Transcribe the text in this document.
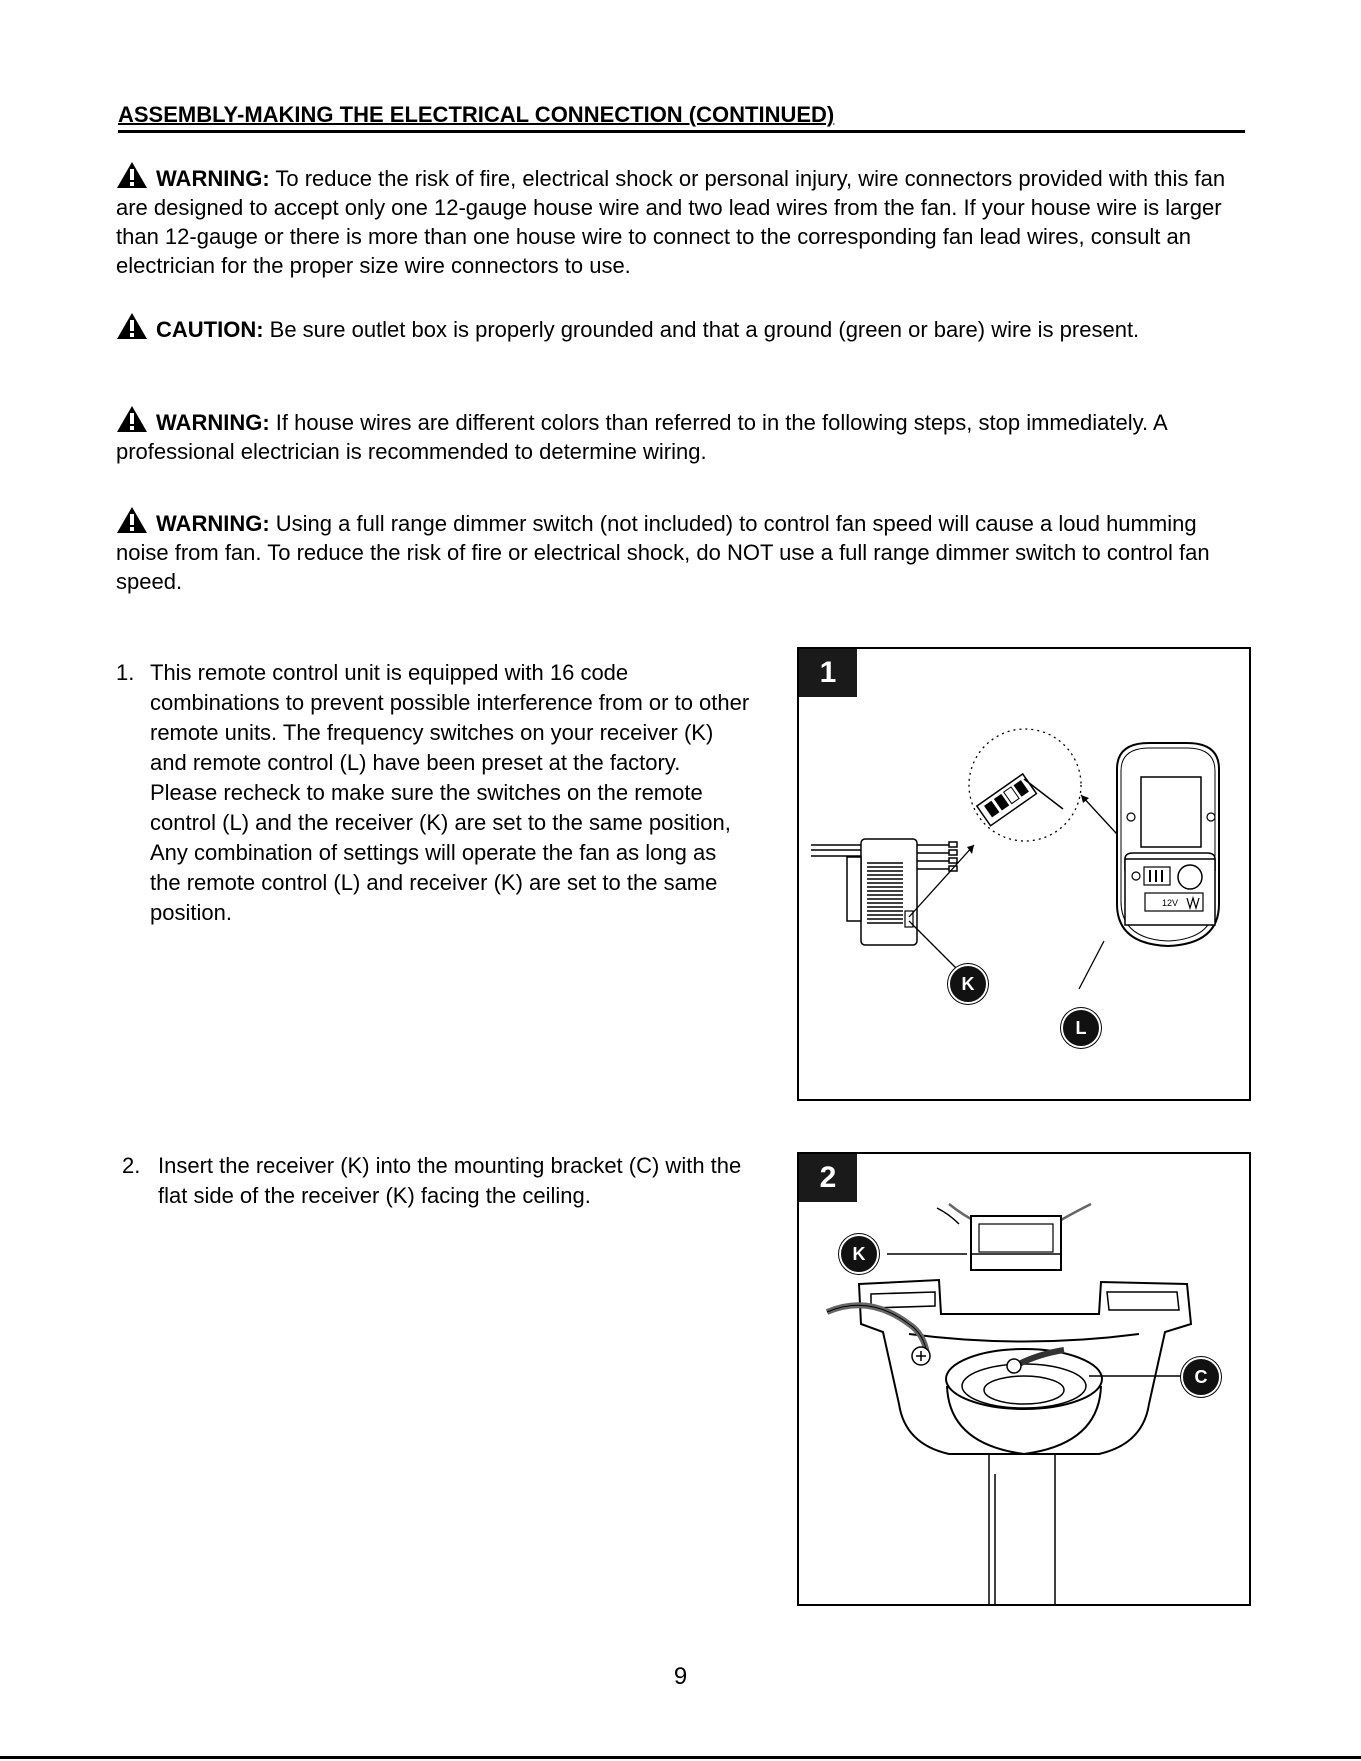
ASSEMBLY-MAKING THE ELECTRICAL CONNECTION (CONTINUED)
WARNING: To reduce the risk of fire, electrical shock or personal injury, wire connectors provided with this fan are designed to accept only one 12-gauge house wire and two lead wires from the fan. If your house wire is larger than 12-gauge or there is more than one house wire to connect to the corresponding fan lead wires, consult an electrician for the proper size wire connectors to use.
CAUTION: Be sure outlet box is properly grounded and that a ground (green or bare) wire is present.
WARNING: If house wires are different colors than referred to in the following steps, stop immediately. A professional electrician is recommended to determine wiring.
WARNING: Using a full range dimmer switch (not included) to control fan speed will cause a loud humming noise from fan. To reduce the risk of fire or electrical shock, do NOT use a full range dimmer switch to control fan speed.
1. This remote control unit is equipped with 16 code combinations to prevent possible interference from or to other remote units. The frequency switches on your receiver (K) and remote control (L) have been preset at the factory. Please recheck to make sure the switches on the remote control (L) and the receiver (K) are set to the same position, Any combination of settings will operate the fan as long as the remote control (L) and receiver (K) are set to the same position.
1
12V
K
L
2. Insert the receiver (K) into the mounting bracket (C) with the flat side of the receiver (K) facing the ceiling.
2
K
C
9
